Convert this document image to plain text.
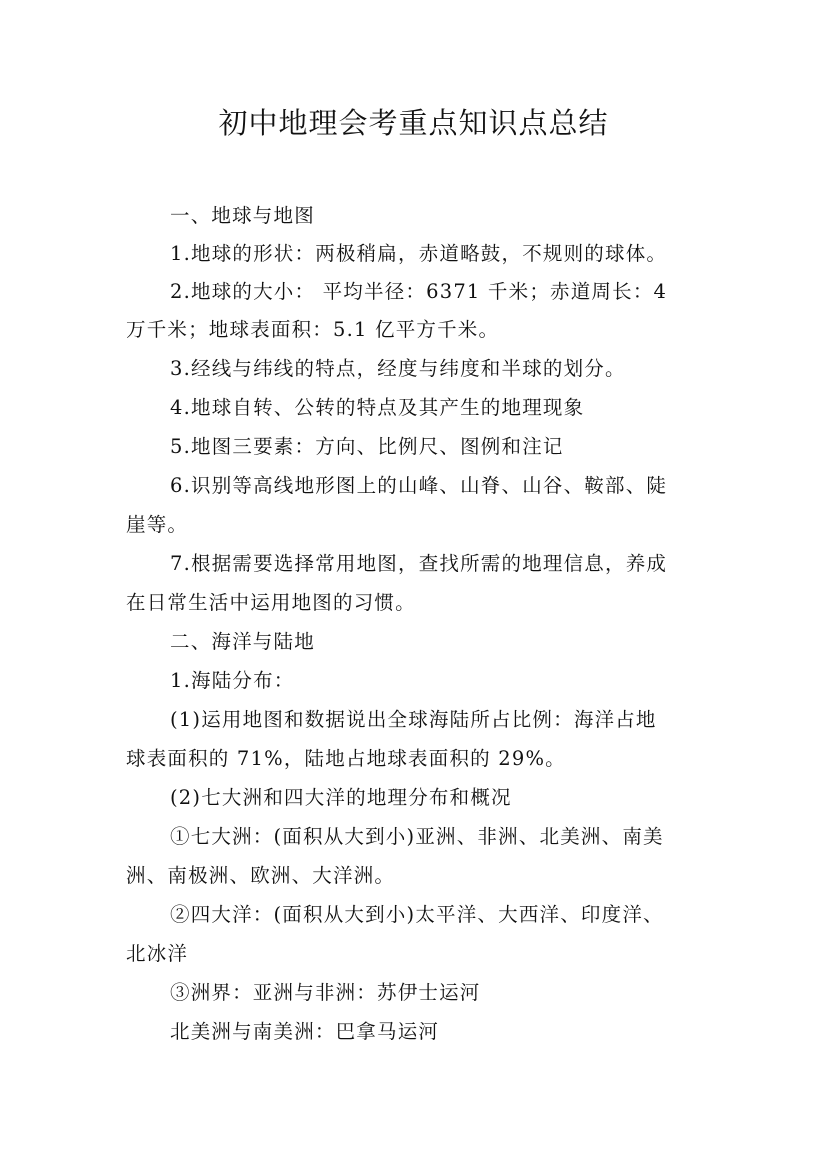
初中地理会考重点知识点总结

一、地球与地图

1.地球的形状：两极稍扁，赤道略鼓，不规则的球体。

2.地球的大小： 平均半径：6371 千米；赤道周长：4

万千米；地球表面积：5.1 亿平方千米。

3.经线与纬线的特点，经度与纬度和半球的划分。

4.地球自转、公转的特点及其产生的地理现象

5.地图三要素：方向、比例尺、图例和注记

6.识别等高线地形图上的山峰、山脊、山谷、鞍部、陡

崖等。

7.根据需要选择常用地图，查找所需的地理信息，养成

在日常生活中运用地图的习惯。

二、海洋与陆地

1.海陆分布：

(1)运用地图和数据说出全球海陆所占比例：海洋占地

球表面积的 71%，陆地占地球表面积的 29%。

(2)七大洲和四大洋的地理分布和概况

①七大洲：(面积从大到小)亚洲、非洲、北美洲、南美

洲、南极洲、欧洲、大洋洲。

②四大洋：(面积从大到小)太平洋、大西洋、印度洋、

北冰洋

③洲界：亚洲与非洲：苏伊士运河

北美洲与南美洲：巴拿马运河
